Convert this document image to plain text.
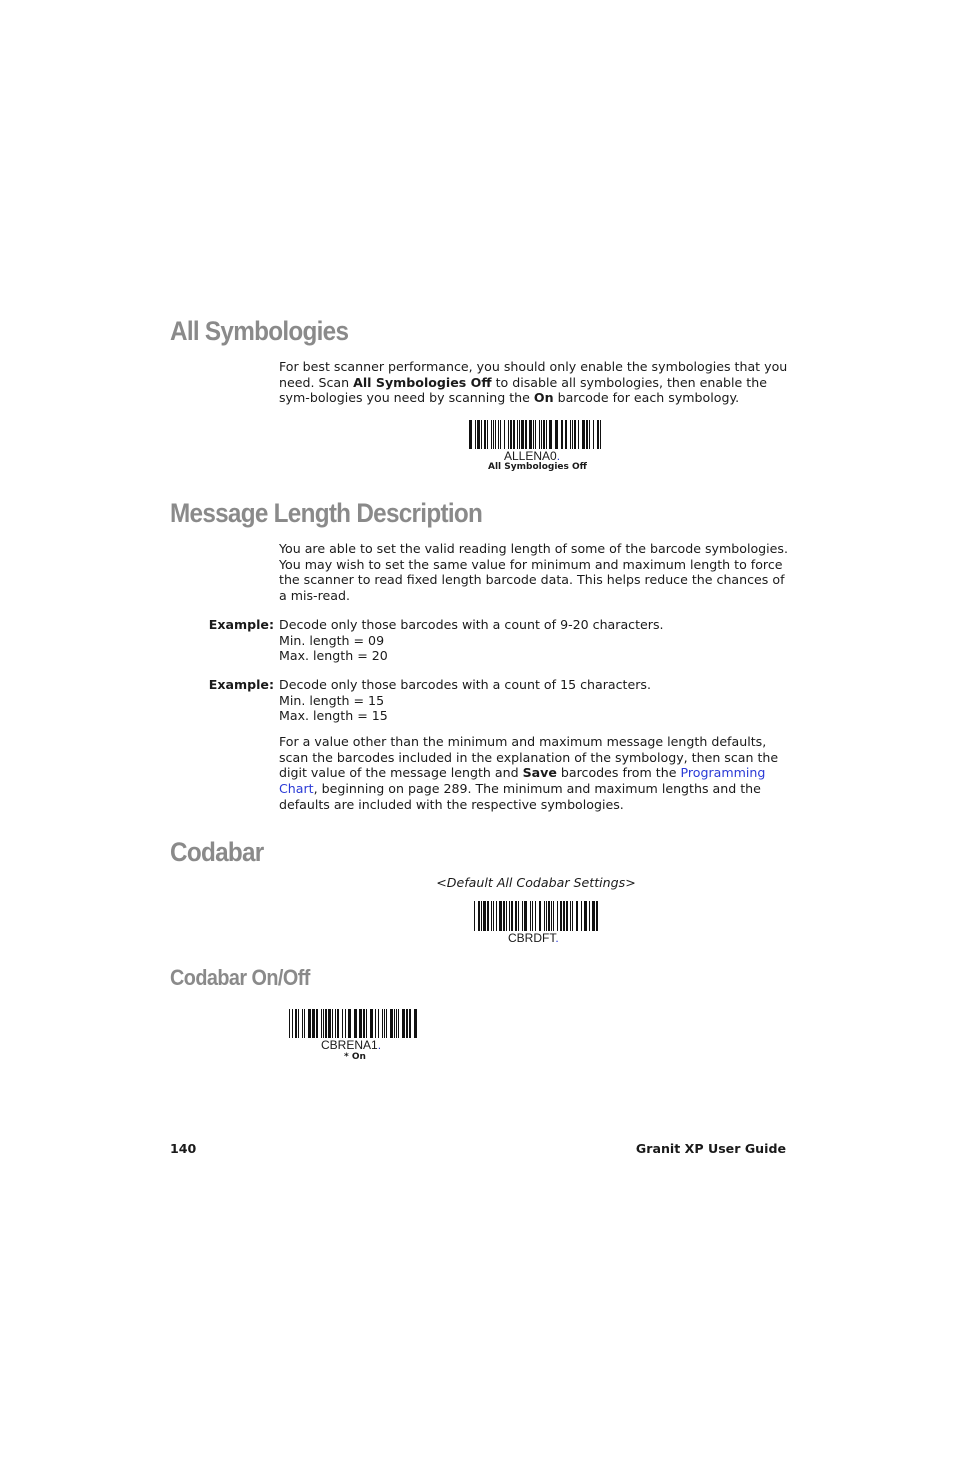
All Symbologies

For best scanner performance, you should only enable the symbologies that you need. Scan All Symbologies Off to disable all symbologies, then enable the sym-bologies you need by scanning the On barcode for each symbology.

ALLENA0.
All Symbologies Off
Message Length Description

You are able to set the valid reading length of some of the barcode symbologies. You may wish to set the same value for minimum and maximum length to force the scanner to read fixed length barcode data. This helps reduce the chances of a mis-read.

Example: Decode only those barcodes with a count of 9-20 characters.
Min. length = 09
Max. length = 20
Example: Decode only those barcodes with a count of 15 characters.
Min. length = 15
Max. length = 15

For a value other than the minimum and maximum message length defaults, scan the barcodes included in the explanation of the symbology, then scan the digit value of the message length and Save barcodes from the Programming Chart, beginning on page 289. The minimum and maximum lengths and the defaults are included with the respective symbologies.

Codabar
<Default All Codabar Settings>
CBRDFT.
Codabar On/Off
CBRENA1.
* On
140	Granit XP User Guide
